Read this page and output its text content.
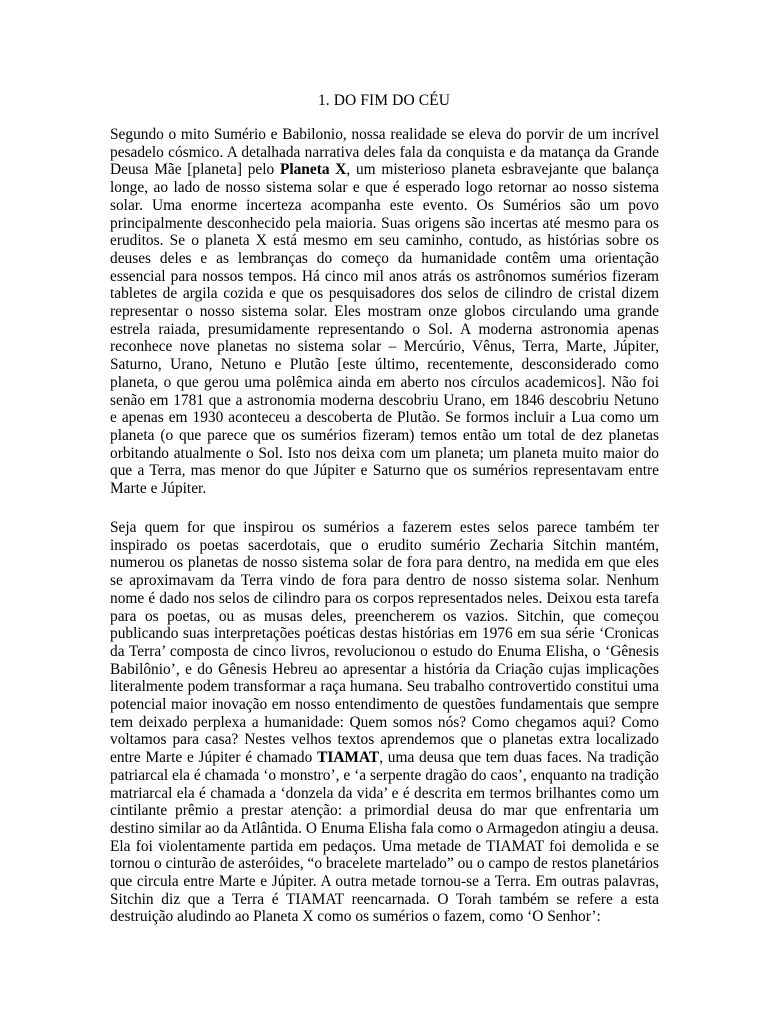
1. DO FIM DO CÉU

Segundo o mito Sumério e Babilonio, nossa realidade se eleva do porvir de um incrível pesadelo cósmico. A detalhada narrativa deles fala da conquista e da matança da Grande Deusa Mãe [planeta] pelo Planeta X, um misterioso planeta esbravejante que balança longe, ao lado de nosso sistema solar e que é esperado logo retornar ao nosso sistema solar. Uma enorme incerteza acompanha este evento. Os Sumérios são um povo principalmente desconhecido pela maioria. Suas origens são incertas até mesmo para os eruditos. Se o planeta X está mesmo em seu caminho, contudo, as histórias sobre os deuses deles e as lembranças do começo da humanidade contêm uma orientação essencial para nossos tempos. Há cinco mil anos atrás os astrônomos sumérios fizeram tabletes de argila cozida e que os pesquisadores dos selos de cilindro de cristal dizem representar o nosso sistema solar. Eles mostram onze globos circulando uma grande estrela raiada, presumidamente representando o Sol. A moderna astronomia apenas reconhece nove planetas no sistema solar – Mercúrio, Vênus, Terra, Marte, Júpiter, Saturno, Urano, Netuno e Plutão [este último, recentemente, desconsiderado como planeta, o que gerou uma polêmica ainda em aberto nos círculos academicos]. Não foi senão em 1781 que a astronomia moderna descobriu Urano, em 1846 descobriu Netuno e apenas em 1930 aconteceu a descoberta de Plutão. Se formos incluir a Lua como um planeta (o que parece que os sumérios fizeram) temos então um total de dez planetas orbitando atualmente o Sol. Isto nos deixa com um planeta; um planeta muito maior do que a Terra, mas menor do que Júpiter e Saturno que os sumérios representavam entre Marte e Júpiter.

Seja quem for que inspirou os sumérios a fazerem estes selos parece também ter inspirado os poetas sacerdotais, que o erudito sumério Zecharia Sitchin mantém, numerou os planetas de nosso sistema solar de fora para dentro, na medida em que eles se aproximavam da Terra vindo de fora para dentro de nosso sistema solar. Nenhum nome é dado nos selos de cilindro para os corpos representados neles. Deixou esta tarefa para os poetas, ou as musas deles, preencherem os vazios. Sitchin, que começou publicando suas interpretações poéticas destas histórias em 1976 em sua série ‘Cronicas da Terra’ composta de cinco livros, revolucionou o estudo do Enuma Elisha, o ‘Gênesis Babilônio’, e do Gênesis Hebreu ao apresentar a história da Criação cujas implicações literalmente podem transformar a raça humana. Seu trabalho controvertido constitui uma potencial maior inovação em nosso entendimento de questões fundamentais que sempre tem deixado perplexa a humanidade: Quem somos nós? Como chegamos aqui? Como voltamos para casa? Nestes velhos textos aprendemos que o planetas extra localizado entre Marte e Júpiter é chamado TIAMAT, uma deusa que tem duas faces. Na tradição patriarcal ela é chamada ‘o monstro’, e ‘a serpente dragão do caos’, enquanto na tradição matriarcal ela é chamada a ‘donzela da vida’ e é descrita em termos brilhantes como um cintilante prêmio a prestar atenção: a primordial deusa do mar que enfrentaria um destino similar ao da Atlântida. O Enuma Elisha fala como o Armagedon atingiu a deusa. Ela foi violentamente partida em pedaços. Uma metade de TIAMAT foi demolida e se tornou o cinturão de asteróides, “o bracelete martelado” ou o campo de restos planetários que circula entre Marte e Júpiter. A outra metade tornou-se a Terra. Em outras palavras, Sitchin diz que a Terra é TIAMAT reencarnada. O Torah também se refere a esta destruição aludindo ao Planeta X como os sumérios o fazem, como ‘O Senhor’:
